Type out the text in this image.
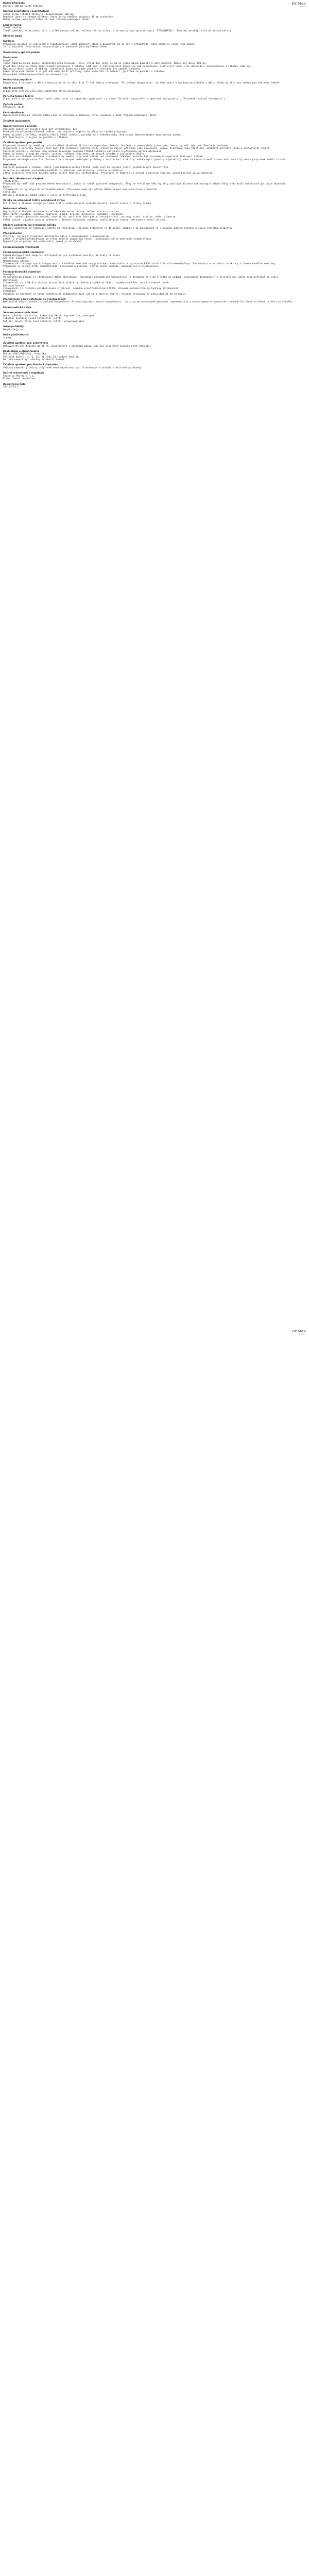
Dr.Max
lékárna
Název přípravku
Ovesmil 100 mg tvrdé tobolky
Složení kvalitativní i kvantitativní
Jedna tvrdá tobolka obsahuje itrakonazolum 100 mg.
Pomocné látky se známým účinkem: Jedna tvrdá tobolka obsahuje 41 mg sacharózy.
Úplný seznam pomocných látek viz bod "Seznam pomocných látek".
Léková forma
Tvrdé tobolky
Tvrdé tobolky, želatinové, tělo i víčko obsahu světlé, velikost 0, na víčku je černou barvou vyražen nápis "ITRAKONAZOL". Tobolky obsahují bílé až béžové pelety.
Klinické údaje
Indikace
Přípravek Ovesmil je indikován k symptomatické léčbě akutních stavů a dospělých od 18 let s případnými, když kauzální léčba není možná.
Je-li kauzální léčba možná, nepostačuje a k podávání jako doplňková léčba.
Dávkování a způsob podání
Dávkování
Dospělí
Jedna tobolka denně denně, přednostně před hlavními jídly. První den léčby se mů že jedna dávka zdvojit a užít dvakrát. Mohou být dávky 400 mg.
První den léčby se dávky může nasadit přípravek 3 tobolky (300 mg). V následujících dnech lze pak pokračovat, ošetřující lékař určí dávkování, nepřesáhnout 3 tobolky (300 mg).
Maximální denní dávka je 400 mg. Jednotlivé dávky musí být podány s odstupem min imálně 2 hodiny.
Pokud přípravek působí 4 až pět dnů nebo další příznaky, nebo podezření na infekci, je třeba se poradit s lékařem.
Dlouhodobá léčba nedoporučená se nedoporučuje.
Pediatrická populace
Bezpečnost a účinnost u dětí a dospívajících ve věku 0 až 17 let nebyla stanovena. Při vědomí bezpečnosti, že může dojít k nežádoucím účinkům u dětí, léčba by měla být vedena pod dohledem lékaře.
Starší pacienti
U pacientů vyššího věku není zapotřebí dávku upravovat.
Porucha funkce ledvin
U pacientů s poruchou funkce ledvin nebo jater je zapotřebí opatrnosti (viz bod "Zvláštní upozornění a opatření pro použití", "Farmakokinetické vlastnosti").
Způsob podání
Perorální užití.
Kontraindikace
Hypersenzitivita na léčivou látku nebo na kteroukoli pomocnou látku uvedenou v bodě "Seznam pomocných látek".
Zvláštní upozornění
Upozornění pro pacienta
Pacienti užívající Ovesmil musí být informováni, že:
Před užitím přípravku Ovesmil ověřte, zda nejste alergičtí na některou složku přípravku.
Pokud užíváte jiné léky, zejména léky k léčbě infekcí, poraďte se s lékařem nebo lékárníkem. Nepřekračujte doporučenou dávku.
Při těhotenství a kojení se poraďte s lékařem.
Zvláštní opatření pro použití
Přípravek Ovesmil by neměl být užíván dětmi mladšími 18 let bez doporučení lékaře. Pacienti s onemocněním jater nebo ledvin by měli být pod lékařským dohledem.
U pacientů s poruchou funkce jater musí být sledovány jaterní testy. Pokud se objeví příznaky jako nevolnost, únava, žloutenka nebo tmavá moč, okamžitě přerušte léčbu a kontaktujte lékaře.
Současné užívání s dalšími léky metabolizovanými enzymem CYP3A4 vyžaduje opatrnost a případnou úpravu dávkování.
Pokud se objeví alergická reakce, vyrážka, svědění nebo otok, přípravek vysaďte a vyhledejte lékaře.
Pacienti se srdečním selháním v anamnéze by neměli přípravek užívat bez posouzení lékařem, protože byl zaznamenán negativní inotropní účinek.
Přípravek obsahuje sacharózu. Pacienti se vzácnými dědičnými problémy s intolerancí fruktózy, malabsorpcí glukózy a galaktózy nebo sacharázo-izomaltázovou deficiencí by tento přípravek neměli užívat.
Interakce
Současné podávání s látkami, které jsou metabolizovány CYP3A4, může vést ke zvýšení jejich plazmatických koncentrací.
Je nutno se vyhnout současnému podávání s některými antiarytmiky, statiny a sedativy.
Látky snižující kyselost žaludku mohou snížit absorpci itrakonazolu. Přípravek se doporučuje užívat s kyselým nápojem, pokud pacient užívá antacida.
Fertilita, těhotenství a kojení
Těhotenství
Přípravek by neměl být podáván během těhotenství, pokud to lékař výslovně nedoporučí. Ženy ve fertilním věku by měly používat účinnou antikoncepci během léčby a do další menstruace po jejím ukončení.
Kojení
Itrakonazol se vylučuje do mateřského mléka. Přípravek nemá být užíván během kojení bez konzultace s lékařem.
Fertilita
Nejsou k dispozici žádné údaje o vlivu na fertilitu u lidí.
Účinky na schopnost řídit a obsluhovat stroje
Při řízení a obsluze strojů je třeba brát v úvahu možnost výskytu závratí, poruch vidění a ztráty sluchu.
Nežádoucí účinky
Nejčastěji hlášenými nežádoucími účinky byly bolest hlavy, bolest břicha a nauzea.
Méně časté: vyrážka, svědění, kopřivka, zácpa, průjem, dyspepsie, nadýmání, zvracení.
Vzácné: zvýšení jaterních enzymů, hepatitida, periferní neuropatie, poruchy chuti, poruchy zraku, tinitus, edém, alopecie.
Velmi vzácné: závažné jaterní poškození, Stevens-Johnsonův syndrom, anafylaktická reakce, městnavé srdeční selhání.
Hlášení podezření na nežádoucí účinky
Hlášení podezření na nežádoucí účinky po registraci léčivého přípravku je důležité. Umožňuje to pokračovat ve sledování poměru přínosů a rizik léčivého přípravku.
Předávkování
Příznaky: nejsou k dispozici dostatečné údaje o předávkování itrakonazolem.
Léčba: v případě předávkování je třeba zahájit podpůrnou léčbu. Itrakonazol nelze odstranit hemodialýzou.
Doporučuje se podání aktivního uhlí, pokud je to vhodné.
Dr.Max
lékárna
Farmakologické vlastnosti
Farmakodynamické vlastnosti
Farmakoterapeutická skupina: antimykotika pro systémové použití, deriváty triazolu
ATC kód: J02AC02
Mechanismus účinku
Itrakonazol inhibuje syntézu ergosterolu v buněčné membráně hub prostřednictvím inhibice cytochrom P450 závislé 14-alfa-demethylázy. Tím dochází k narušení struktury a funkce buněčné membrány.
Přípravek je účinný proti dermatofytům, kvasinkám a plísním, včetně druhů Candida, Aspergillus a Cryptococcus.
Farmakokinetické vlastnosti
Absorpce
Po perorálním podání je itrakonazol dobře absorbován. Maximální plazmatické koncentrace je dosaženo za 2 až 5 hodin po podání. Biologická dostupnost je nejvyšší při užití bezprostředně po jídle.
Distribuce
Itrakonazol se z 99,8 % váže na plazmatické bílkoviny. Dobře proniká do tkání, zejména do kůže, nehtů a tukové tkáně.
Biotransformace
Itrakonazol je rozsáhle metabolizován v játrech, zejména prostřednictvím CYP3A4. Hlavním metabolitem je hydroxy-itrakonazol.
Eliminace
Vylučuje se převážně ve formě neaktivních metabolitů močí (35 %) a stolicí (54 %). Poločas eliminace je přibližně 24 až 42 hodin.
Předklinické údaje vztahující se k bezpečnosti
Neklinické údaje získané na základě konvenčních farmakologických studií bezpečnosti, toxicity po opakovaném podávání, genotoxicity a kancerogenního potenciálu neodhalily žádné zvláštní riziko pro člověka.
Farmaceutické údaje
Seznam pomocných látek
Obsah tobolky: sacharóza, kukuřičný škrob, hypromelóza, makrogol.
Tobolka: želatina, oxid titaničitý (E171).
Potisk: šelak, černý oxid železitý (E172), propylenglykol.
Inkompatibility
Neuplatňuje se.
Doba použitelnosti
3 roky.
Zvláštní opatření pro uchovávání
Uchovávejte při teplotě do 25 °C. Uchovávejte v původním obalu, aby byl přípravek chráněn před vlhkostí.
Druh obalu a obsah balení
Blistr (PVC/PVDC/Al), krabička.
Velikost balení: 4, 6, 15, 28 nebo 30 tvrdých tobolek.
Na trhu nemusí být všechny velikosti balení.
Zvláštní opatření pro likvidaci přípravku
Veškerý nepoužitý léčivý přípravek nebo odpad musí být zlikvidován v souladu s místními požadavky.
Držitel rozhodnutí o registraci
Generica Pharma s.r.o.
Praha, Česká republika
Registrační číslo
26/155/15-C
